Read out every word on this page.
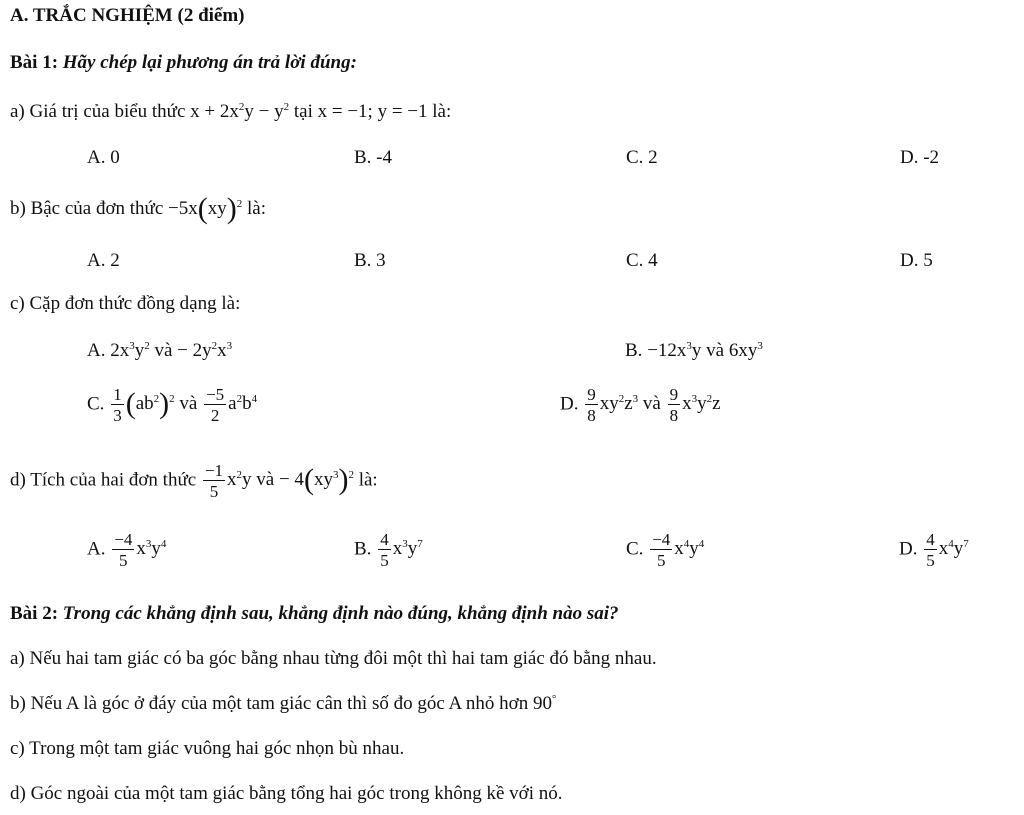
A. TRẮC NGHIỆM (2 điểm)
Bài 1: Hãy chép lại phương án trả lời đúng:
a) Giá trị của biểu thức $x + 2x^2y - y^2$ tại x = −1; y = −1 là:
A. 0	B. -4	C. 2	D. -2
b) Bậc của đơn thức −5x(xy)$^2$ là:
A. 2	B. 3	C. 4	D. 5
c) Cặp đơn thức đồng dạng là:
A. $2x^3y^2$ và − $2y^2x^3$	B. $-12x^3y$ và $6xy^3$
C. $\frac{1}{3} (ab^2)^2$ và $\frac{-5}{2} a^2b^4$	D. $\frac{9}{8} xy^2z^3$ và $\frac{9}{8} x^3y^2z$
d) Tích của hai đơn thức $\frac{-1}{5} x^2y$ và − $4(xy^3)^2$ là:
A. $\frac{-4}{5} x^3y^4$	B. $\frac{4}{5} x^3y^7$	C. $\frac{-4}{5} x^4y^4$	D. $\frac{4}{5} x^4y^7$
Bài 2: Trong các khẳng định sau, khẳng định nào đúng, khẳng định nào sai?
a) Nếu hai tam giác có ba góc bằng nhau từng đôi một thì hai tam giác đó bằng nhau.
b) Nếu A là góc ở đáy của một tam giác cân thì số đo góc A nhỏ hơn 90°
c) Trong một tam giác vuông hai góc nhọn bù nhau.
d) Góc ngoài của một tam giác bằng tổng hai góc trong không kề với nó.
